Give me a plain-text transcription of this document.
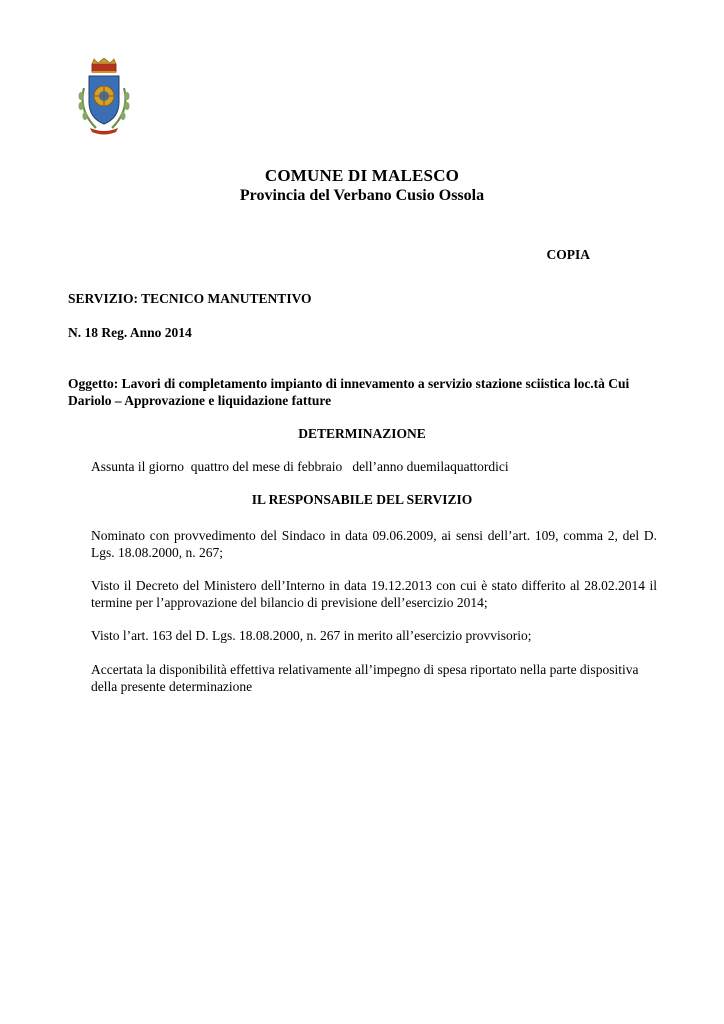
COMUNE DI MALESCO
Provincia del Verbano Cusio Ossola
COPIA
SERVIZIO: TECNICO MANUTENTIVO
N. 18 Reg. Anno 2014
Oggetto: Lavori di completamento impianto di innevamento a servizio stazione sciistica loc.tà Cui Dariolo – Approvazione e liquidazione fatture
DETERMINAZIONE
Assunta il giorno  quattro del mese di febbraio   dell’anno duemilaquattordici
IL RESPONSABILE DEL SERVIZIO
Nominato con provvedimento del Sindaco in data 09.06.2009, ai sensi dell’art. 109, comma 2, del D. Lgs. 18.08.2000, n. 267;
Visto il Decreto del Ministero dell’Interno in data 19.12.2013 con cui è stato differito al 28.02.2014 il termine per l’approvazione del bilancio di previsione dell’esercizio 2014;
Visto l’art. 163 del D. Lgs. 18.08.2000, n. 267 in merito all’esercizio provvisorio;
Accertata la disponibilità effettiva relativamente all’impegno di spesa riportato nella parte dispositiva della presente determinazione
